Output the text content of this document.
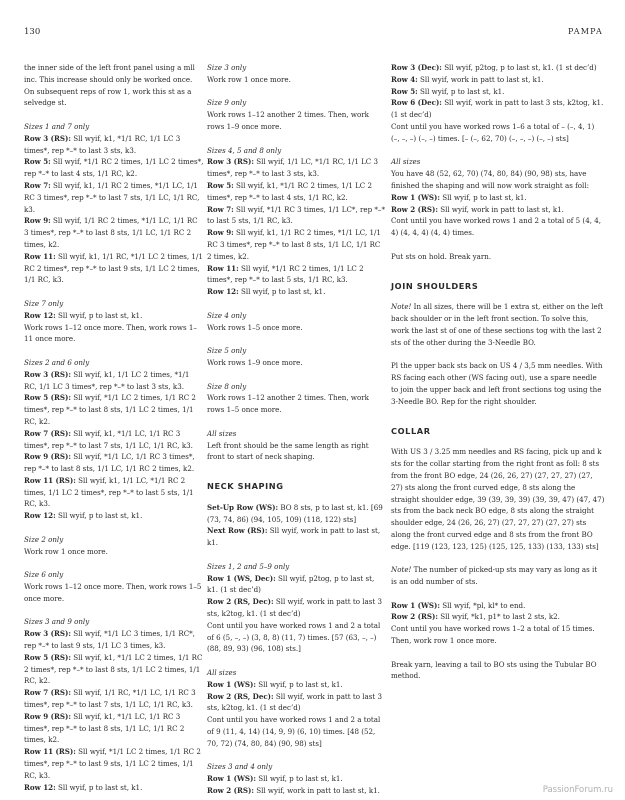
130	PAMPA

the inner side of the left front panel using a mll inc. This increase should only be worked once. On subsequent reps of row 1, work this st as a selvedge st.

Sizes 1 and 7 only
Row 3 (RS): Sll wyif, k1, *1/1 RC, 1/1 LC 3 times*, rep *–* to last 3 sts, k3.
Row 5: Sll wyif, *1/1 RC 2 times, 1/1 LC 2 times*, rep *–* to last 4 sts, 1/1 RC, k2.
Row 7: Sll wyif, k1, 1/1 RC 2 times, *1/1 LC, 1/1 RC 3 times*, rep *–* to last 7 sts, 1/1 LC, 1/1 RC, k3.
Row 9: Sll wyif, 1/1 RC 2 times, *1/1 LC, 1/1 RC 3 times*, rep *–* to last 8 sts, 1/1 LC, 1/1 RC 2 times, k2.
Row 11: Sll wyif, k1, 1/1 RC, *1/1 LC 2 times, 1/1 RC 2 times*, rep *–* to last 9 sts, 1/1 LC 2 times, 1/1 RC, k3.
Size 7 only
Row 12: Sll wyif, p to last st, k1.
Work rows 1–12 once more. Then, work rows 1–11 once more.
Sizes 2 and 6 only
Row 3 (RS): Sll wyif, k1, 1/1 LC 2 times, *1/1 RC, 1/1 LC 3 times*, rep *–* to last 3 sts, k3.
Row 5 (RS): Sll wyif, *1/1 LC 2 times, 1/1 RC 2 times*, rep *–* to last 8 sts, 1/1 LC 2 times, 1/1 RC, k2.
Row 7 (RS): Sll wyif, k1, *1/1 LC, 1/1 RC 3 times*, rep *–* to last 7 sts, 1/1 LC, 1/1 RC, k3.
Row 9 (RS): Sll wyif, *1/1 LC, 1/1 RC 3 times*, rep *–* to last 8 sts, 1/1 LC, 1/1 RC 2 times, k2.
Row 11 (RS): Sll wyif, k1, 1/1 LC, *1/1 RC 2 times, 1/1 LC 2 times*, rep *–* to last 5 sts, 1/1 RC, k3.
Row 12: Sll wyif, p to last st, k1.
Size 2 only
Work row 1 once more.
Size 6 only
Work rows 1–12 once more. Then, work rows 1–5 once more.
Sizes 3 and 9 only
Row 3 (RS): Sll wyif, *1/1 LC 3 times, 1/1 RC*, rep *–* to last 9 sts, 1/1 LC 3 times, k3.
Row 5 (RS): Sll wyif, k1, *1/1 LC 2 times, 1/1 RC 2 times*, rep *–* to last 8 sts, 1/1 LC 2 times, 1/1 RC, k2.
Row 7 (RS): Sll wyif, 1/1 RC, *1/1 LC, 1/1 RC 3 times*, rep *–* to last 7 sts, 1/1 LC, 1/1 RC, k3.
Row 9 (RS): Sll wyif, k1, *1/1 LC, 1/1 RC 3 times*, rep *–* to last 8 sts, 1/1 LC, 1/1 RC 2 times, k2.
Row 11 (RS): Sll wyif, *1/1 LC 2 times, 1/1 RC 2 times*, rep *–* to last 9 sts, 1/1 LC 2 times, 1/1 RC, k3.
Row 12: Sll wyif, p to last st, k1.
Size 3 only
Work row 1 once more.
Size 9 only
Work rows 1–12 another 2 times. Then, work rows 1–9 once more.
Sizes 4, 5 and 8 only
Row 3 (RS): Sll wyif, 1/1 LC, *1/1 RC, 1/1 LC 3 times*, rep *–* to last 3 sts, k3.
Row 5: Sll wyif, k1, *1/1 RC 2 times, 1/1 LC 2 times*, rep *–* to last 4 sts, 1/1 RC, k2.
Row 7: Sll wyif, *1/1 RC 3 times, 1/1 LC*, rep *–* to last 5 sts, 1/1 RC, k3.
Row 9: Sll wyif, k1, 1/1 RC 2 times, *1/1 LC, 1/1 RC 3 times*, rep *–* to last 8 sts, 1/1 LC, 1/1 RC 2 times, k2.
Row 11: Sll wyif, *1/1 RC 2 times, 1/1 LC 2 times*, rep *–* to last 5 sts, 1/1 RC, k3.
Row 12: Sll wyif, p to last st, k1.
Size 4 only
Work rows 1–5 once more.
Size 5 only
Work rows 1–9 once more.
Size 8 only
Work rows 1–12 another 2 times. Then, work rows 1–5 once more.
All sizes
Left front should be the same length as right front to start of neck shaping.
NECK SHAPING
Set-Up Row (WS): BO 8 sts, p to last st, k1. [69 (73, 74, 86) (94, 105, 109) (118, 122) sts]
Next Row (RS): Sll wyif, work in patt to last st, k1.
Sizes 1, 2 and 5–9 only
Row 1 (WS, Dec): Sll wyif, p2tog, p to last st, k1. (1 st dec’d)
Row 2 (RS, Dec): Sll wyif, work in patt to last 3 sts, k2tog, k1. (1 st dec’d)
Cont until you have worked rows 1 and 2 a total of 6 (5, –, –) (3, 8, 8) (11, 7) times. [57 (63, –, –) (88, 89, 93) (96, 108) sts.]
All sizes
Row 1 (WS): Sll wyif, p to last st, k1.
Row 2 (RS, Dec): Sll wyif, work in patt to last 3 sts, k2tog, k1. (1 st dec’d)
Cont until you have worked rows 1 and 2 a total of 9 (11, 4, 14) (14, 9, 9) (6, 10) times. [48 (52, 70, 72) (74, 80, 84) (90, 98) sts]
Sizes 3 and 4 only
Row 1 (WS): Sll wyif, p to last st, k1.
Row 2 (RS): Sll wyif, work in patt to last st, k1.
Row 3 (Dec): Sll wyif, p2tog, p to last st, k1. (1 st dec’d)
Row 4: Sll wyif, work in patt to last st, k1.
Row 5: Sll wyif, p to last st, k1.
Row 6 (Dec): Sll wyif, work in patt to last 3 sts, k2tog, k1. (1 st dec’d)
Cont until you have worked rows 1–6 a total of – (–, 4, 1) (–, –, –) (–, –) times. [– (–, 62, 70) (–, –, –) (–, –) sts]
All sizes
You have 48 (52, 62, 70) (74, 80, 84) (90, 98) sts, have finished the shaping and will now work straight as foll:
Row 1 (WS): Sll wyif, p to last st, k1.
Row 2 (RS): Sll wyif, work in patt to last st, k1.
Cont until you have worked rows 1 and 2 a total of 5 (4, 4, 4) (4, 4, 4) (4, 4) times.
Put sts on hold. Break yarn.
JOIN SHOULDERS
Note! In all sizes, there will be 1 extra st, either on the left back shoulder or in the left front section. To solve this, work the last st of one of these sections tog with the last 2 sts of the other during the 3-Needle BO.
Pl the upper back sts back on US 4 / 3,5 mm needles. With RS facing each other (WS facing out), use a spare needle to join the upper back and left front sections tog using the 3-Needle BO. Rep for the right shoulder.
COLLAR
With US 3 / 3.25 mm needles and RS facing, pick up and k sts for the collar starting from the right front as foll: 8 sts from the front BO edge, 24 (26, 26, 27) (27, 27, 27) (27, 27) sts along the front curved edge, 8 sts along the straight shoulder edge, 39 (39, 39, 39) (39, 39, 47) (47, 47) sts from the back neck BO edge, 8 sts along the straight shoulder edge, 24 (26, 26, 27) (27, 27, 27) (27, 27) sts along the front curved edge and 8 sts from the front BO edge. [119 (123, 123, 125) (125, 125, 133) (133, 133) sts]
Note! The number of picked-up sts may vary as long as it is an odd number of sts.
Row 1 (WS): Sll wyif, *pl, kl* to end.
Row 2 (RS): Sll wyif, *k1, p1* to last 2 sts, k2.
Cont until you have worked rows 1–2 a total of 15 times. Then, work row 1 once more.
Break yarn, leaving a tail to BO sts using the Tubular BO method.
PassionForum.ru
